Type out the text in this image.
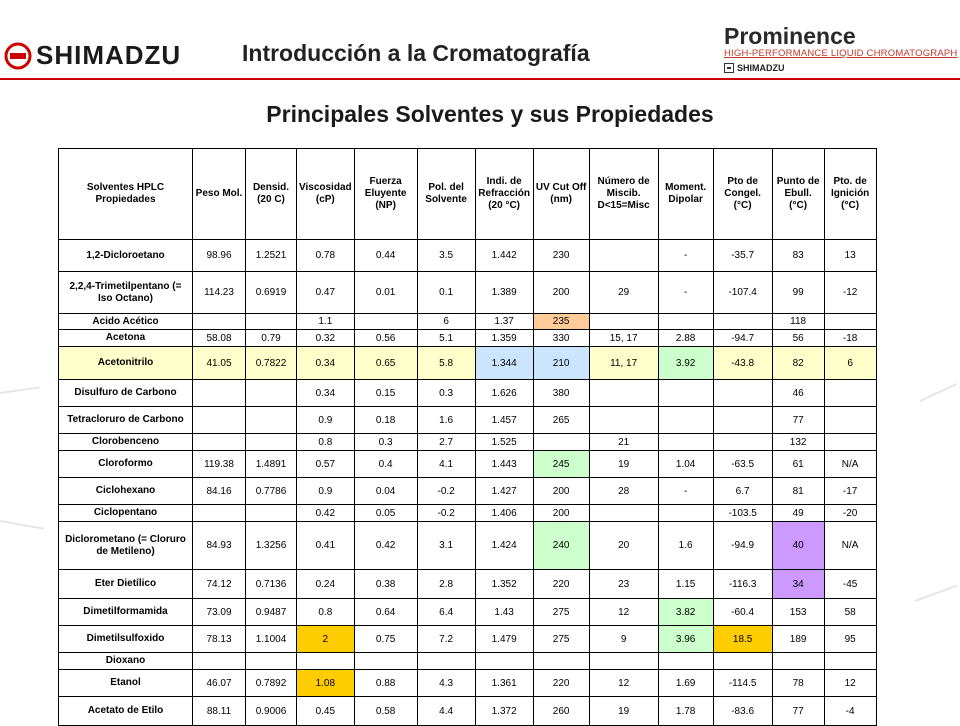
SHIMADZU	Introducción a la Cromatografía
Prominence
HIGH-PERFORMANCE LIQUID CHROMATOGRAPH
SHIMADZU
Principales Solventes y sus Propiedades
Solventes HPLC Propiedades	Peso Mol.	Densid. (20 C)	Viscosidad (cP)	Fuerza Eluyente (NP)	Pol. del Solvente	Indi. de Refracción (20 °C)	UV Cut Off (nm)	Número de Miscib. D<15=Misc	Moment. Dipolar	Pto de Congel. (°C)	Punto de Ebull. (°C)	Pto. de Ignición (°C)
1,2-Dicloroetano	98.96	1.2521	0.78	0.44	3.5	1.442	230		-	-35.7	83	13
2,2,4-Trimetilpentano (= Iso Octano)	114.23	0.6919	0.47	0.01	0.1	1.389	200	29	-	-107.4	99	-12
Acido Acético			1.1		6	1.37	235				118	
Acetona	58.08	0.79	0.32	0.56	5.1	1.359	330	15, 17	2.88	-94.7	56	-18
Acetonitrilo	41.05	0.7822	0.34	0.65	5.8	1.344	210	11, 17	3.92	-43.8	82	6
Disulfuro de Carbono			0.34	0.15	0.3	1.626	380				46	
Tetracloruro de Carbono			0.9	0.18	1.6	1.457	265				77	
Clorobenceno			0.8	0.3	2.7	1.525		21			132	
Cloroformo	119.38	1.4891	0.57	0.4	4.1	1.443	245	19	1.04	-63.5	61	N/A
Ciclohexano	84.16	0.7786	0.9	0.04	-0.2	1.427	200	28	-	6.7	81	-17
Ciclopentano			0.42	0.05	-0.2	1.406	200			-103.5	49	-20
Diclorometano (= Cloruro de Metileno)	84.93	1.3256	0.41	0.42	3.1	1.424	240	20	1.6	-94.9	40	N/A
Eter Dietílico	74.12	0.7136	0.24	0.38	2.8	1.352	220	23	1.15	-116.3	34	-45
Dimetilformamida	73.09	0.9487	0.8	0.64	6.4	1.43	275	12	3.82	-60.4	153	58
Dimetilsulfoxido	78.13	1.1004	2	0.75	7.2	1.479	275	9	3.96	18.5	189	95
Dioxano												
Etanol	46.07	0.7892	1.08	0.88	4.3	1.361	220	12	1.69	-114.5	78	12
Acetato de Etilo	88.11	0.9006	0.45	0.58	4.4	1.372	260	19	1.78	-83.6	77	-4
